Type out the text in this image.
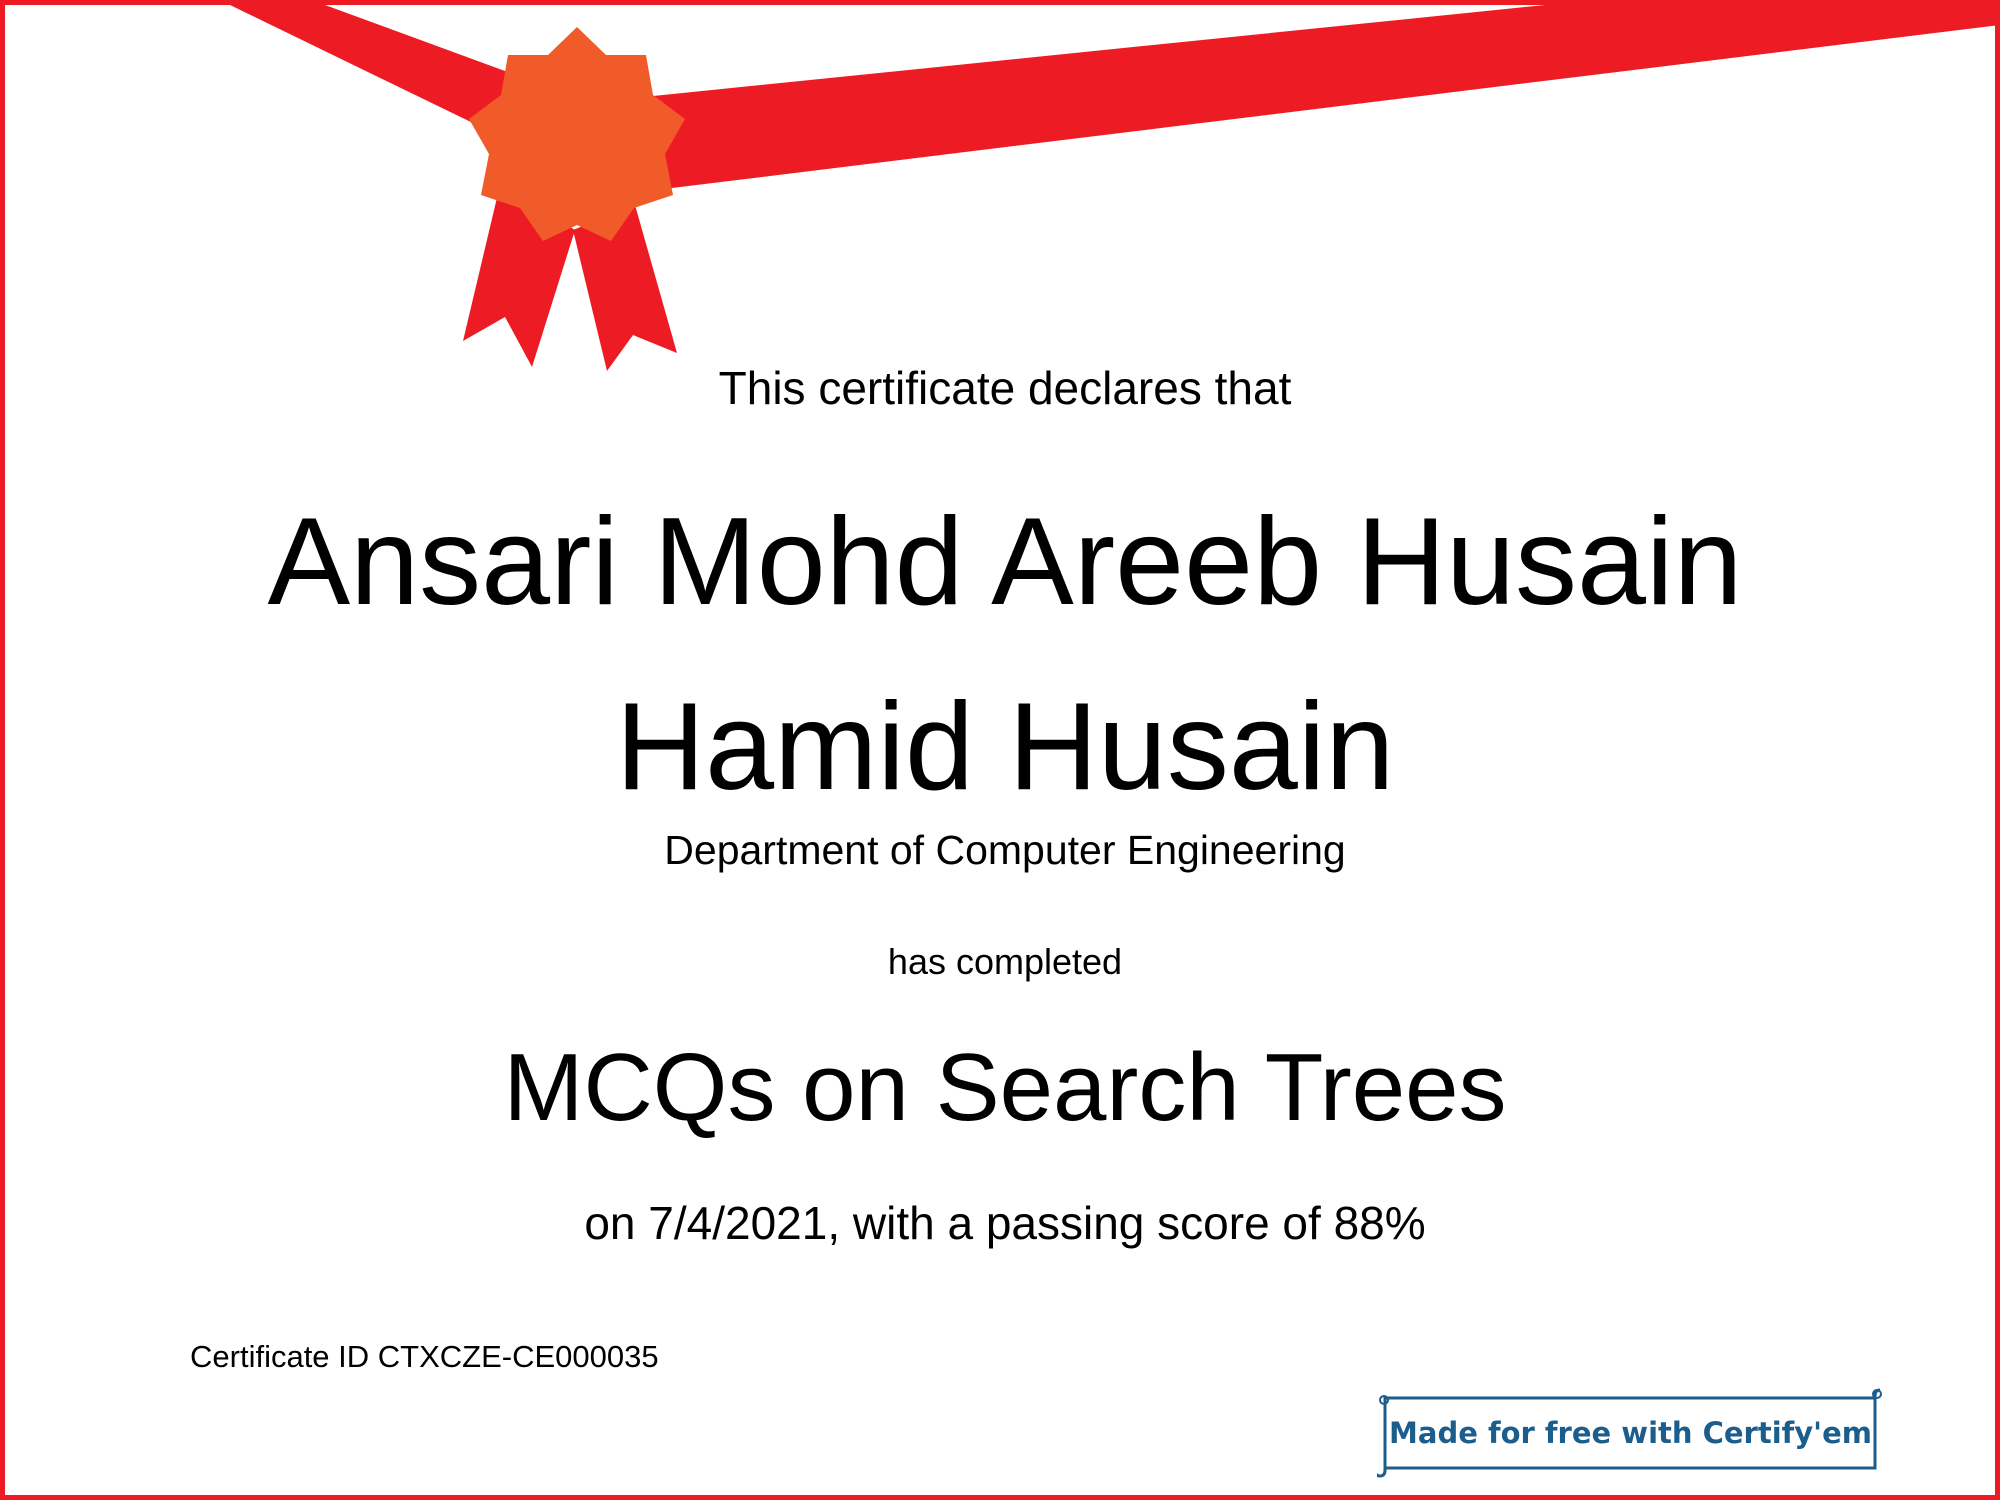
This certificate declares that
Ansari Mohd Areeb Husain
Hamid Husain
Department of Computer Engineering
has completed
MCQs on Search Trees
on 7/4/2021, with a passing score of 88%
Certificate ID CTXCZE-CE000035
Made for free with Certify'em
